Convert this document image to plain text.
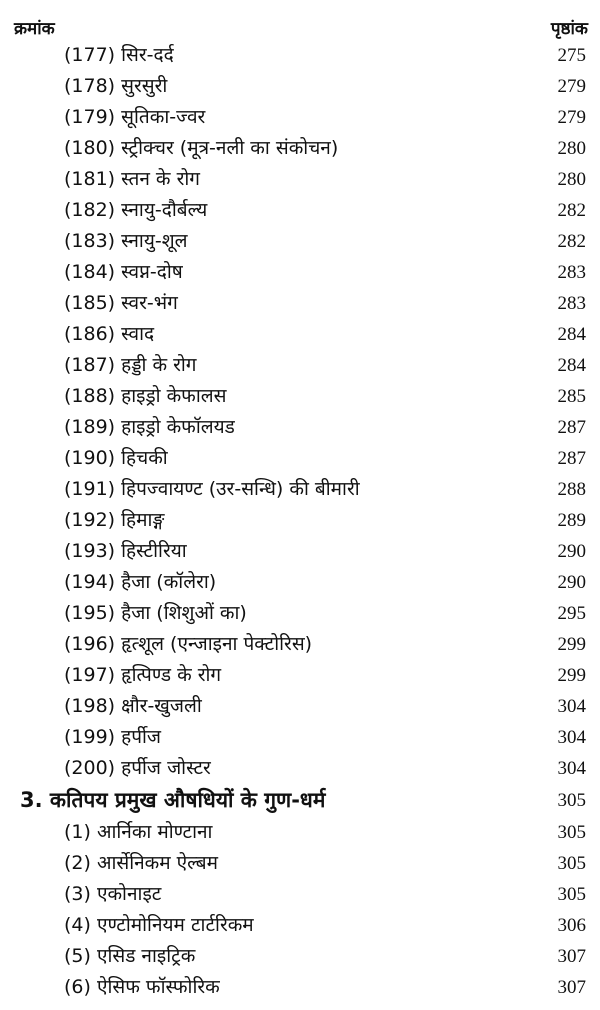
क्रमांक	पृष्ठांक
(177) सिर-दर्द	275
(178) सुरसुरी	279
(179) सूतिका-ज्वर	279
(180) स्ट्रीक्चर (मूत्र-नली का संकोचन)	280
(181) स्तन के रोग	280
(182) स्नायु-दौर्बल्य	282
(183) स्नायु-शूल	282
(184) स्वप्न-दोष	283
(185) स्वर-भंग	283
(186) स्वाद	284
(187) हड्डी के रोग	284
(188) हाइड्रो केफालस	285
(189) हाइड्रो केफॉलयड	287
(190) हिचकी	287
(191) हिपज्वायण्ट (उर-सन्धि) की बीमारी	288
(192) हिमाङ्ग	289
(193) हिस्टीरिया	290
(194) हैजा (कॉलेरा)	290
(195) हैजा (शिशुओं का)	295
(196) हृत्शूल (एन्जाइना पेक्टोरिस)	299
(197) हृत्पिण्ड के रोग	299
(198) क्षौर-खुजली	304
(199) हर्पीज	304
(200) हर्पीज जोस्टर	304
3. कतिपय प्रमुख औषधियों के गुण-धर्म	305
(1) आर्निका मोण्टाना	305
(2) आर्सेनिकम ऐल्बम	305
(3) एकोनाइट	305
(4) एण्टोमोनियम टार्टरिकम	306
(5) एसिड नाइट्रिक	307
(6) ऐसिफ फॉस्फोरिक	307
